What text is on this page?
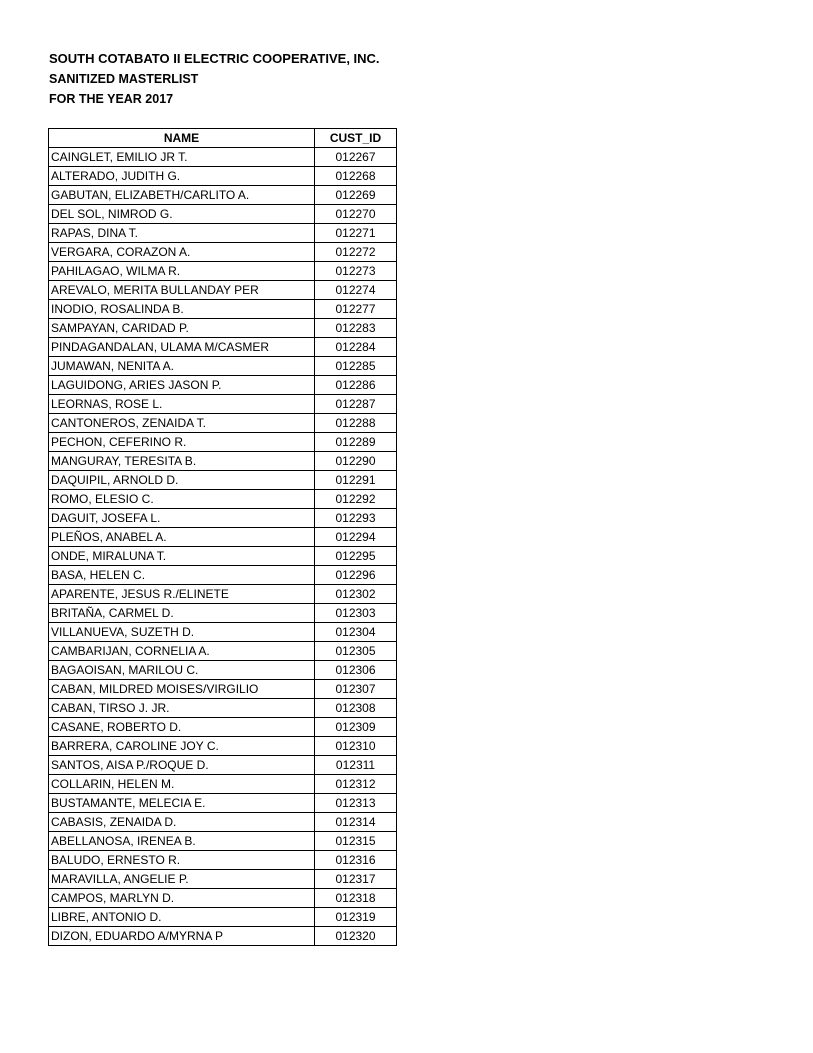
SOUTH COTABATO II ELECTRIC COOPERATIVE, INC.
SANITIZED MASTERLIST
FOR THE YEAR 2017
NAME	CUST_ID
CAINGLET, EMILIO JR T.	012267
ALTERADO, JUDITH G.	012268
GABUTAN, ELIZABETH/CARLITO A.	012269
DEL SOL, NIMROD G.	012270
RAPAS, DINA T.	012271
VERGARA, CORAZON A.	012272
PAHILAGAO, WILMA R.	012273
AREVALO, MERITA BULLANDAY PER	012274
INODIO, ROSALINDA B.	012277
SAMPAYAN, CARIDAD P.	012283
PINDAGANDALAN, ULAMA M/CASMER	012284
JUMAWAN, NENITA A.	012285
LAGUIDONG, ARIES JASON P.	012286
LEORNAS, ROSE L.	012287
CANTONEROS, ZENAIDA T.	012288
PECHON, CEFERINO R.	012289
MANGURAY, TERESITA B.	012290
DAQUIPIL, ARNOLD D.	012291
ROMO, ELESIO C.	012292
DAGUIT, JOSEFA L.	012293
PLEÑOS, ANABEL A.	012294
ONDE, MIRALUNA T.	012295
BASA, HELEN C.	012296
APARENTE, JESUS R./ELINETE	012302
BRITAÑA, CARMEL D.	012303
VILLANUEVA, SUZETH D.	012304
CAMBARIJAN, CORNELIA A.	012305
BAGAOISAN, MARILOU C.	012306
CABAN, MILDRED MOISES/VIRGILIO	012307
CABAN, TIRSO J. JR.	012308
CASANE, ROBERTO D.	012309
BARRERA, CAROLINE JOY C.	012310
SANTOS, AISA P./ROQUE D.	012311
COLLARIN, HELEN M.	012312
BUSTAMANTE, MELECIA E.	012313
CABASIS, ZENAIDA D.	012314
ABELLANOSA, IRENEA B.	012315
BALUDO, ERNESTO R.	012316
MARAVILLA, ANGELIE P.	012317
CAMPOS, MARLYN D.	012318
LIBRE, ANTONIO D.	012319
DIZON, EDUARDO A/MYRNA P	012320
